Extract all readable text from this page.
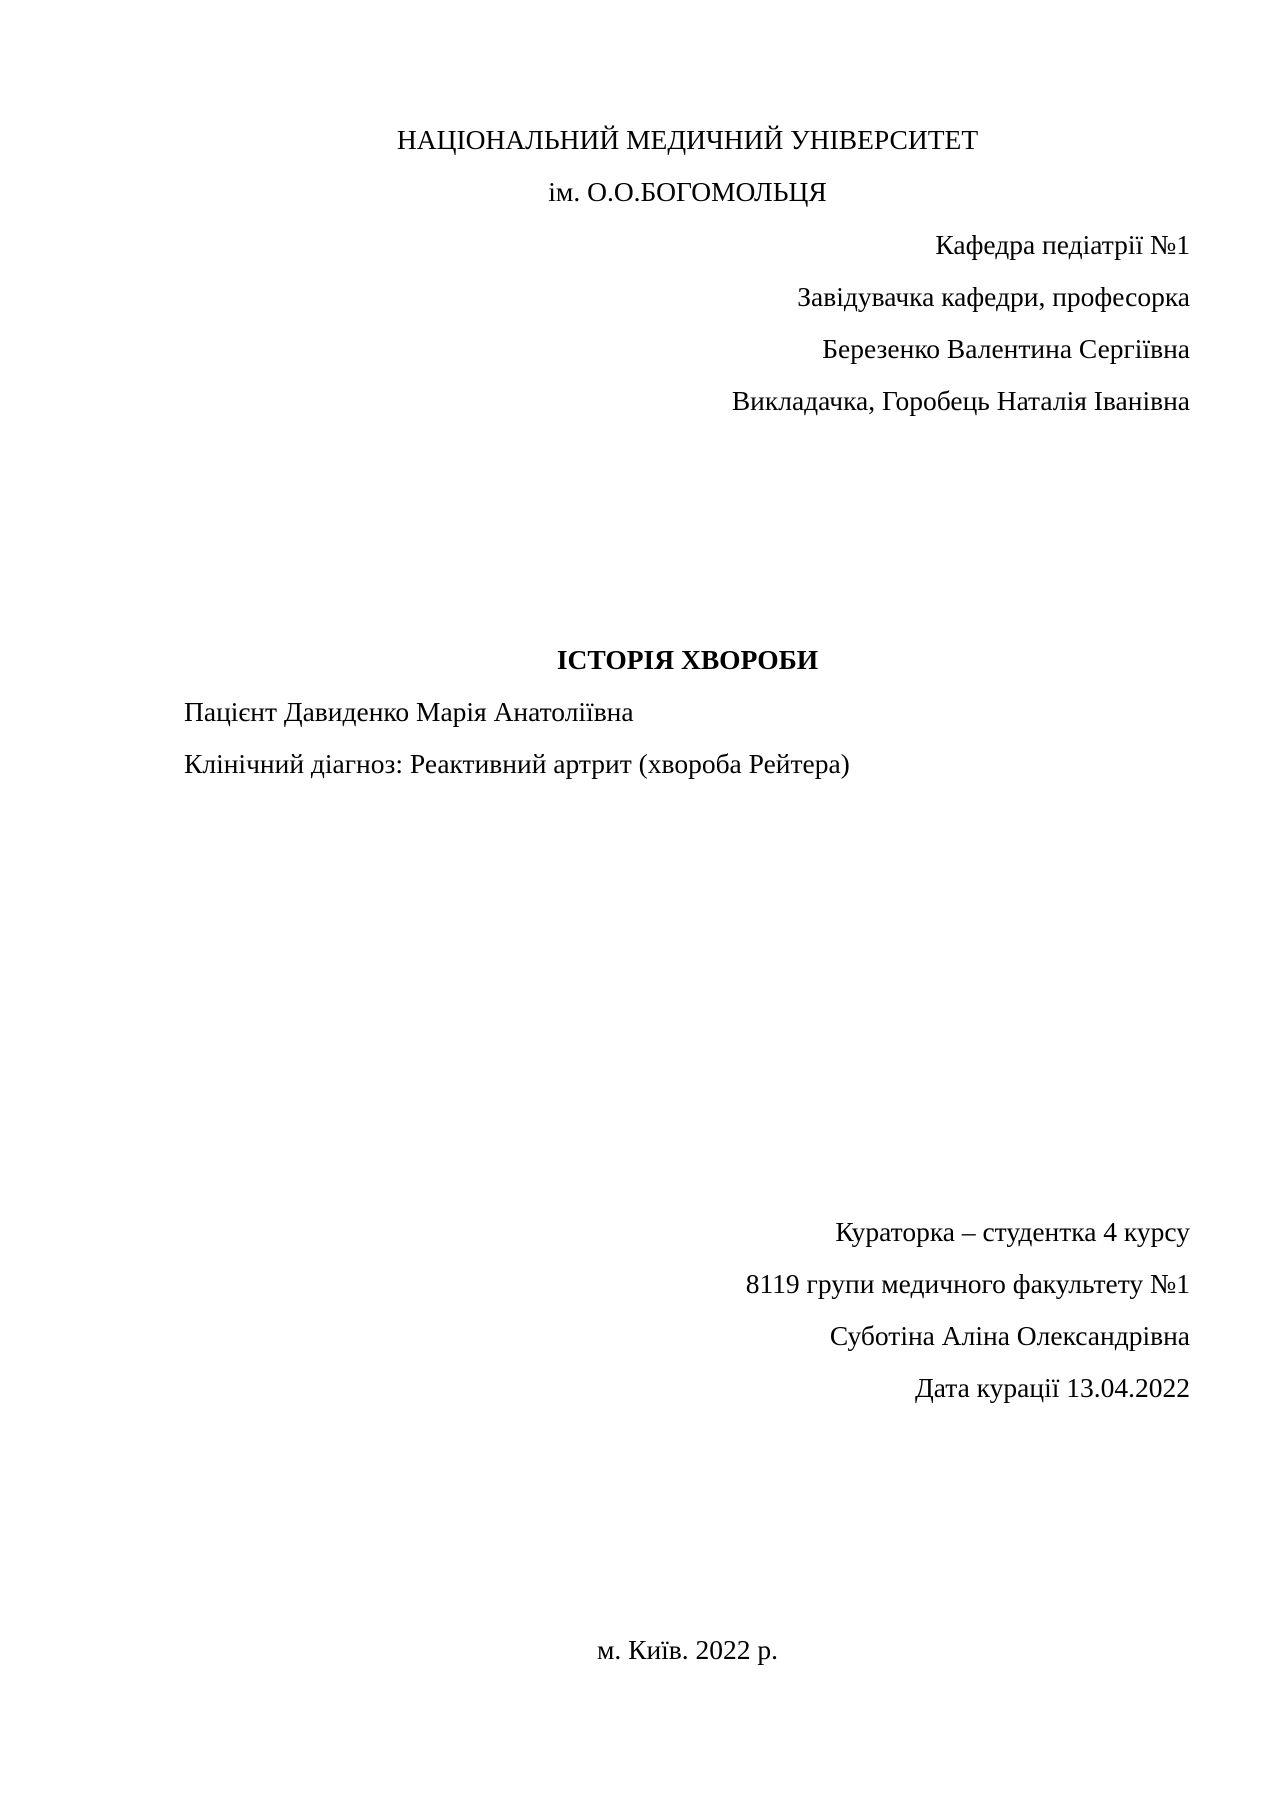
НАЦІОНАЛЬНИЙ МЕДИЧНИЙ УНІВЕРСИТЕТ
ім. О.О.БОГОМОЛЬЦЯ
Кафедра педіатрії №1
Завідувачка кафедри, професорка
Березенко Валентина Сергіївна
Викладачка, Горобець Наталія Іванівна
ІСТОРІЯ ХВОРОБИ
Пацієнт Давиденко Марія Анатоліївна
Клінічний діагноз: Реактивний артрит (хвороба Рейтера)
Кураторка – студентка 4 курсу
8119 групи медичного факультету №1
Суботіна Аліна Олександрівна
Дата курації 13.04.2022
м. Київ. 2022 р.
